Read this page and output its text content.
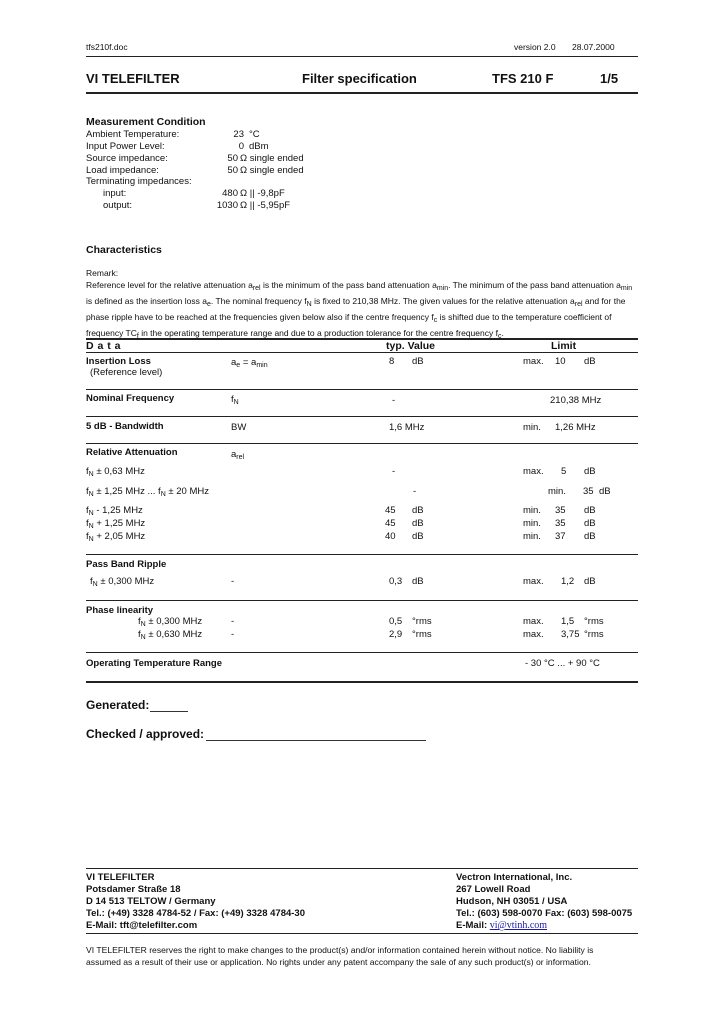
tfs210f.doc	version 2.0 28.07.2000
VI TELEFILTER	Filter specification	TFS 210 F	1/5
Measurement Condition
Ambient Temperature:	23 °C
Input Power Level:	0 dBm
Source impedance:	50 Ω single ended
Load impedance:	50 Ω single ended
Terminating impedances:
input:	480 Ω || -9,8pF
output:	1030 Ω || -5,95pF
Characteristics
Remark:
Reference level for the relative attenuation $a_{rel}$ is the minimum of the pass band attenuation $a_{min}$. The minimum of the pass band attenuation $a_{min}$
is defined as the insertion loss $a_e$. The nominal frequency $f_N$ is fixed to 210,38 MHz. The given values for the relative attenuation $a_{rel}$ and for the
phase ripple have to be reached at the frequencies given below also if the centre frequency $f_c$ is shifted due to the temperature coefficient of
frequency $TC_f$ in the operating temperature range and due to a production tolerance for the centre frequency $f_c$.
D a t a	typ. Value	Limit
Insertion Loss
(Reference level)
$a_e = a_{min}$	8 dB	max. 10 dB
Nominal Frequency	$f_N$	-	210,38 MHz
5 dB - Bandwidth	BW	1,6 MHz	min. 1,26 MHz
Relative Attenuation	$a_{rel}$
$f_N \pm 0,63$ MHz	-	max. 5 dB
$f_N \pm 1,25$ MHz ... $f_N \pm 20$ MHz	-	min. 35 dB
$f_N - 1,25$ MHz	45 dB	min. 35 dB
$f_N + 1,25$ MHz	45 dB	min. 35 dB
$f_N + 2,05$ MHz	40 dB	min. 37 dB
Pass Band Ripple
$f_N \pm 0,300$ MHz	-	0,3 dB	max. 1,2 dB
Phase linearity
$f_N \pm 0,300$ MHz	-	0,5 °rms	max. 1,5 °rms
$f_N \pm 0,630$ MHz	-	2,9 °rms	max. 3,75 °rms
Operating Temperature Range	- 30 °C ... + 90 °C
Generated:
Checked / approved:
VI TELEFILTER
Potsdamer Straße 18
D 14 513 TELTOW / Germany
Tel.: (+49) 3328 4784-52 / Fax: (+49) 3328 4784-30
E-Mail: tft@telefilter.com
Vectron International, Inc.
267 Lowell Road
Hudson, NH 03051 / USA
Tel.: (603) 598-0070 Fax: (603) 598-0075
E-Mail: vi@vtinh.com
VI TELEFILTER reserves the right to make changes to the product(s) and/or information contained herein without notice. No liability is
assumed as a result of their use or application. No rights under any patent accompany the sale of any such product(s) or information.
